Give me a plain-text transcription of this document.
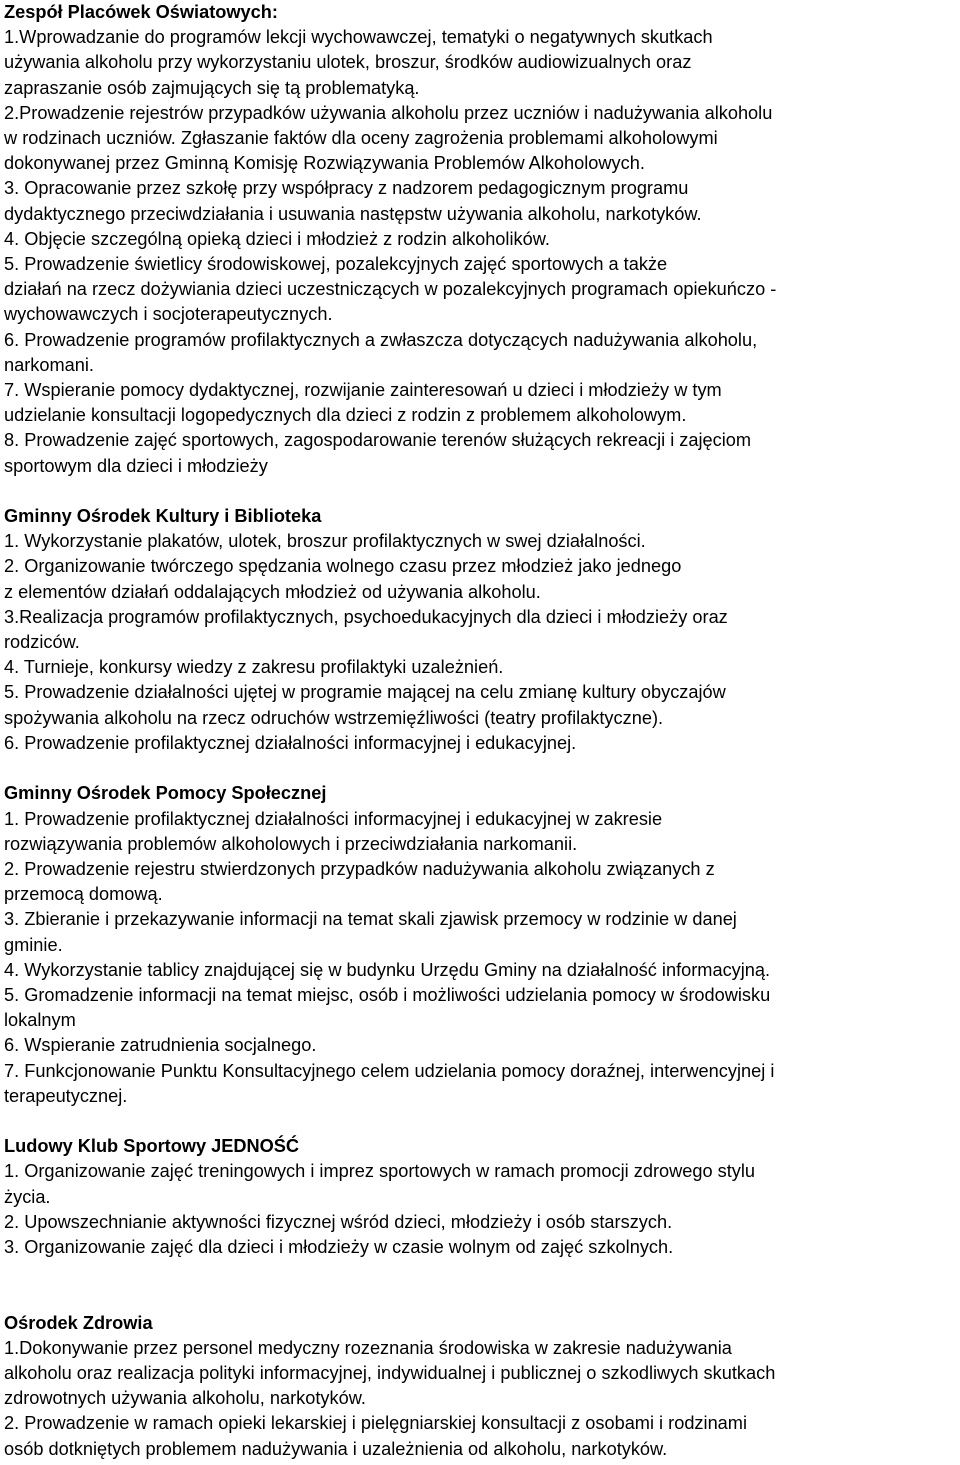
Zespół Placówek Oświatowych:

1.Wprowadzanie do programów lekcji wychowawczej, tematyki o negatywnych skutkach

używania alkoholu przy wykorzystaniu ulotek, broszur, środków audiowizualnych oraz

zapraszanie osób zajmujących się tą problematyką.

2.Prowadzenie rejestrów przypadków używania alkoholu przez uczniów i nadużywania alkoholu

w rodzinach uczniów. Zgłaszanie faktów dla oceny zagrożenia problemami alkoholowymi

dokonywanej przez Gminną Komisję Rozwiązywania Problemów Alkoholowych.

3. Opracowanie przez szkołę przy współpracy z nadzorem pedagogicznym programu

dydaktycznego przeciwdziałania i usuwania następstw używania alkoholu, narkotyków.

4. Objęcie szczególną opieką dzieci i młodzież z rodzin alkoholików.

5. Prowadzenie świetlicy środowiskowej, pozalekcyjnych zajęć sportowych a także

działań na rzecz dożywiania dzieci uczestniczących w pozalekcyjnych programach opiekuńczo -

wychowawczych i socjoterapeutycznych.

6. Prowadzenie programów profilaktycznych a zwłaszcza dotyczących nadużywania alkoholu,

narkomani.

7. Wspieranie pomocy dydaktycznej, rozwijanie zainteresowań u dzieci i młodzieży w tym

udzielanie konsultacji logopedycznych dla dzieci z rodzin z problemem alkoholowym.

8. Prowadzenie zajęć sportowych, zagospodarowanie terenów służących rekreacji i zajęciom

sportowym dla dzieci i młodzieży

Gminny Ośrodek Kultury i Biblioteka

1. Wykorzystanie plakatów, ulotek, broszur profilaktycznych w swej działalności.

2. Organizowanie twórczego spędzania wolnego czasu przez młodzież jako jednego

z elementów działań oddalających młodzież od używania alkoholu.

3.Realizacja programów profilaktycznych, psychoedukacyjnych dla dzieci i młodzieży oraz

rodziców.

4. Turnieje, konkursy wiedzy z zakresu profilaktyki uzależnień.

5. Prowadzenie działalności ujętej w programie mającej na celu zmianę kultury obyczajów

spożywania alkoholu na rzecz odruchów wstrzemięźliwości (teatry profilaktyczne).

6. Prowadzenie profilaktycznej działalności informacyjnej i edukacyjnej.

Gminny Ośrodek Pomocy Społecznej

1. Prowadzenie profilaktycznej działalności informacyjnej i edukacyjnej w zakresie

rozwiązywania problemów alkoholowych i przeciwdziałania narkomanii.

2. Prowadzenie rejestru stwierdzonych przypadków nadużywania alkoholu związanych z

przemocą domową.

3. Zbieranie i przekazywanie informacji na temat skali zjawisk przemocy w rodzinie w danej

gminie.

4. Wykorzystanie tablicy znajdującej się w budynku Urzędu Gminy na działalność informacyjną.

5. Gromadzenie informacji na temat miejsc, osób i możliwości udzielania pomocy w środowisku

lokalnym

6. Wspieranie zatrudnienia socjalnego.

7. Funkcjonowanie Punktu Konsultacyjnego celem udzielania pomocy doraźnej, interwencyjnej i

terapeutycznej.

Ludowy Klub Sportowy JEDNOŚĆ

1. Organizowanie zajęć treningowych i imprez sportowych w ramach promocji zdrowego stylu

życia.

2. Upowszechnianie aktywności fizycznej wśród dzieci, młodzieży i osób starszych.

3. Organizowanie zajęć dla dzieci i młodzieży w czasie wolnym od zajęć szkolnych.

Ośrodek Zdrowia

1.Dokonywanie przez personel medyczny rozeznania środowiska w zakresie nadużywania

alkoholu oraz realizacja polityki informacyjnej, indywidualnej i publicznej o szkodliwych skutkach

zdrowotnych używania alkoholu, narkotyków.

2. Prowadzenie w ramach opieki lekarskiej i pielęgniarskiej konsultacji z osobami i rodzinami

osób dotkniętych problemem nadużywania i uzależnienia od alkoholu, narkotyków.
